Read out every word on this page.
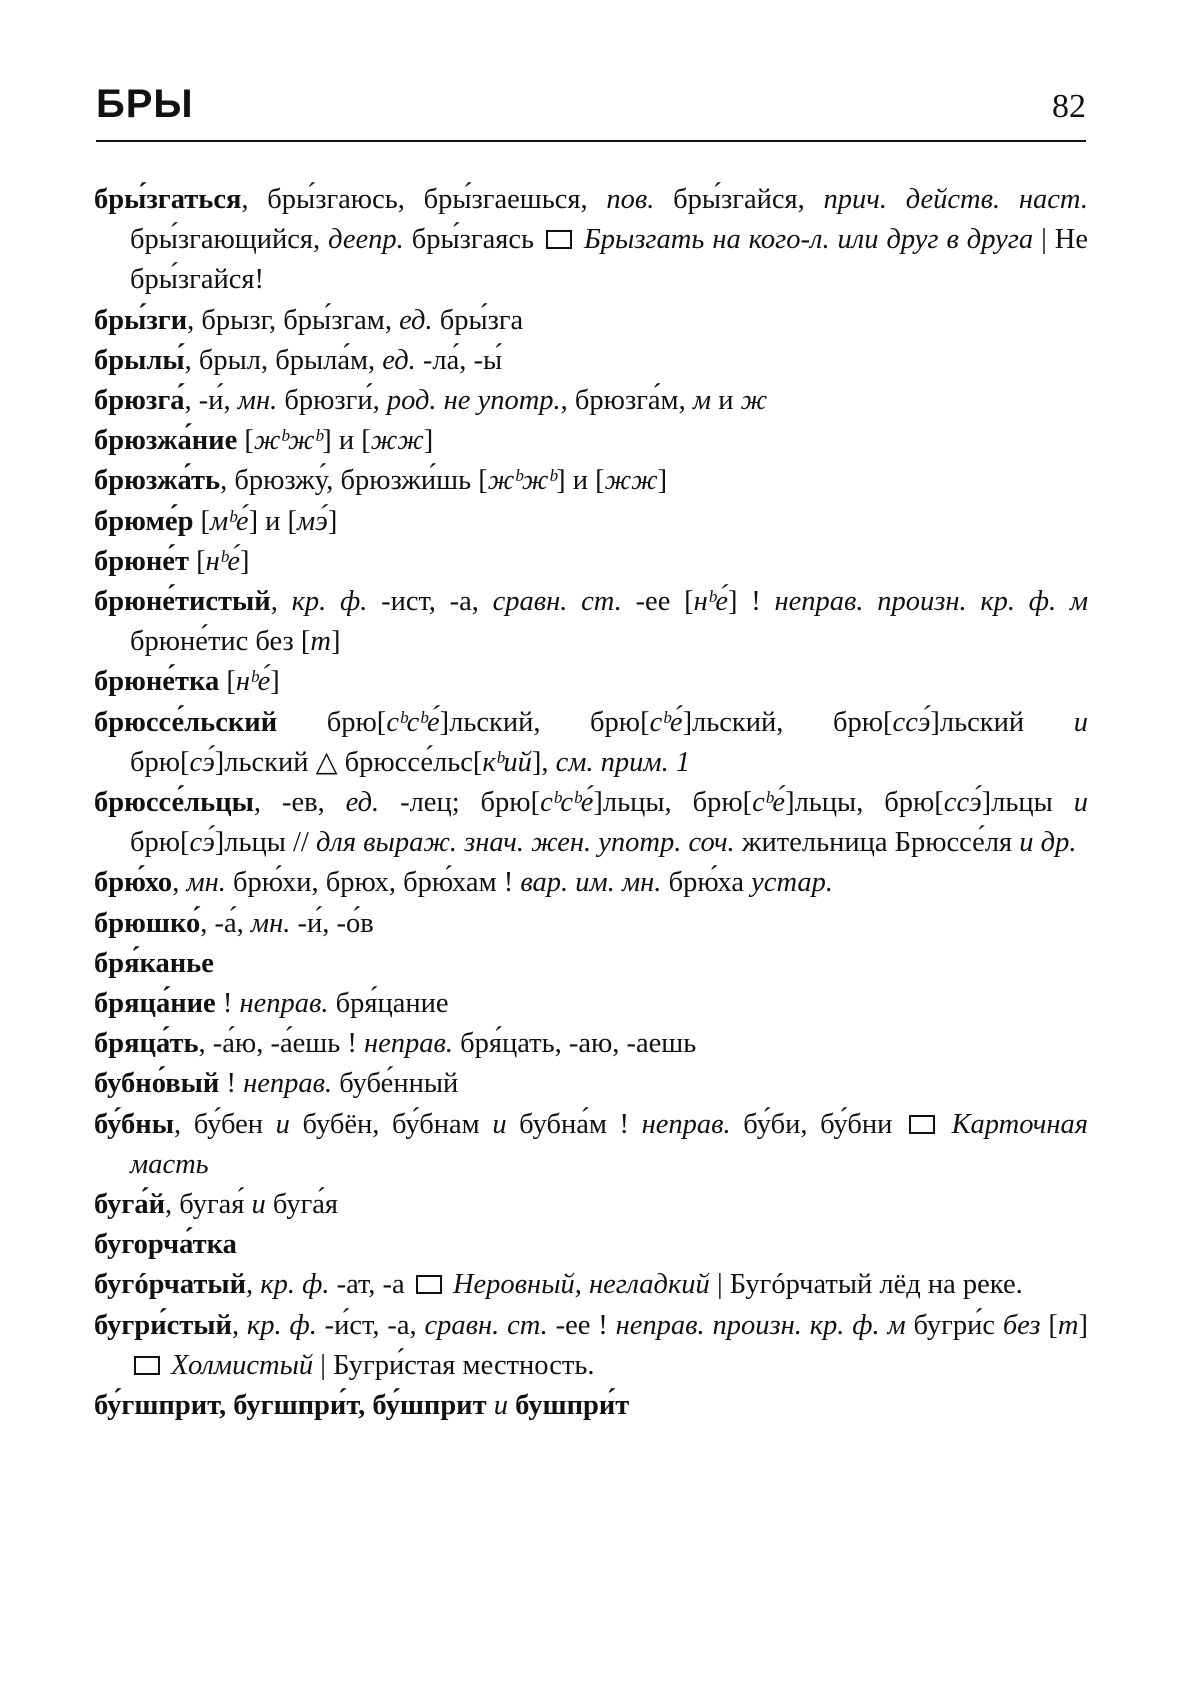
БРЫ	82

бры́згаться, бры́згаюсь, бры́згаешься, пов. бры́згайся, прич. действ. наст. бры́згающийся, деепр. бры́згаясь  Брызгать на кого-л. или друг в друга | Не бры́згайся!

бры́зги, брызг, бры́згам, ед. бры́зга

брылы́, брыл, брыла́м, ед. -ла́, -ы́

брюзга́, -и́, мн. брюзги́, род. не употр., брюзга́м, м и ж

брюзжа́ние [жᵇжᵇ] и [жж]

брюзжа́ть, брюзжу́, брюзжи́шь [жᵇжᵇ] и [жж]

брюме́р [мᵇе́] и [мэ́]

брюне́т [нᵇе́]

брюне́тистый, кр. ф. -ист, -а, сравн. ст. -ее [нᵇе́] ! неправ. произн. кр. ф. м брюне́тис без [т]

брюне́тка [нᵇе́]

брюссе́льский брю[сᵇсᵇе́]льский, брю[сᵇе́]льский, брю[ссэ́]льский и брю[сэ́]льский △ брюссе́льс[кᵇий], см. прим. 1

брюссе́льцы, -ев, ед. -лец; брю[сᵇсᵇе́]льцы, брю[сᵇе́]льцы, брю[ссэ́]льцы и брю[сэ́]льцы // для выраж. знач. жен. употр. соч. жительница Брюссе́ля и др.

брю́хо, мн. брю́хи, брюх, брю́хам ! вар. им. мн. брю́ха устар.

брюшко́, -а́, мн. -и́, -о́в

бря́канье

бряца́ние ! неправ. бря́цание

бряца́ть, -а́ю, -а́ешь ! неправ. бря́цать, -аю, -аешь

бубно́вый ! неправ. бубе́нный

бу́бны, бу́бен и бубён, бу́бнам и бубна́м ! неправ. бу́би, бу́бни  Карточная масть

буга́й, бугая́ и буга́я

бугорча́тка

бугóрчатый, кр. ф. -ат, -а  Неровный, негладкий | Бугóрчатый лёд на реке.

бугри́стый, кр. ф. -и́ст, -а, сравн. ст. -ее ! неправ. произн. кр. ф. м бугри́с без [т]  Холмистый | Бугри́стая местность.

бу́гшприт, бугшпри́т, бу́шприт и бушпри́т
